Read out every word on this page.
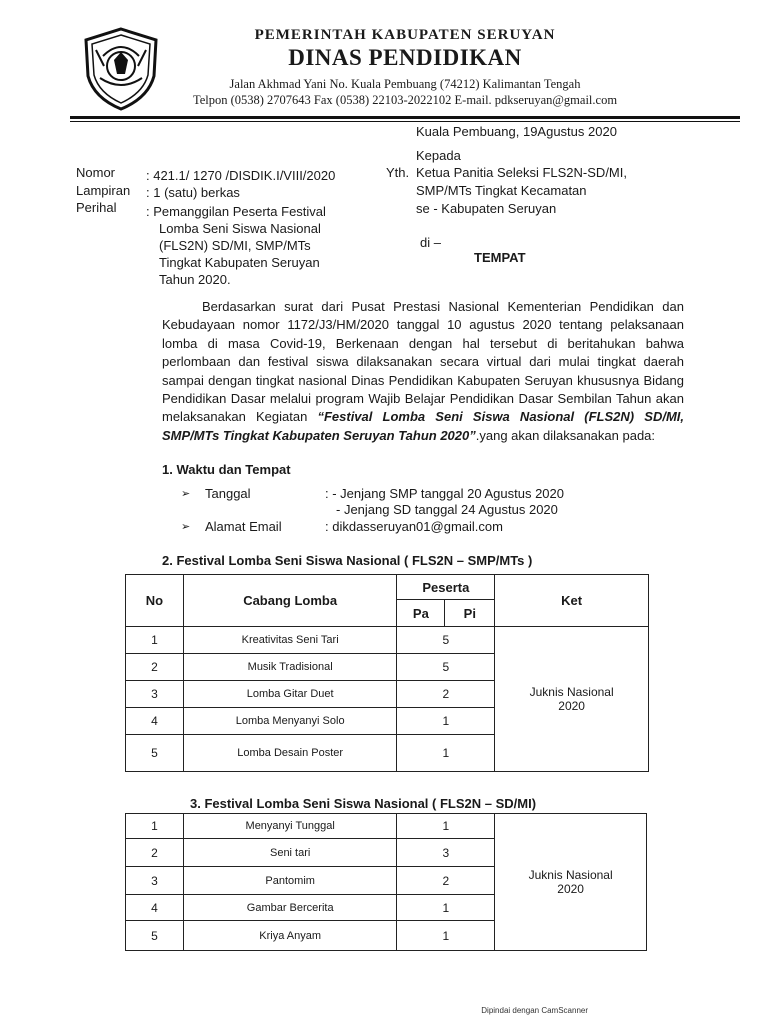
PEMERINTAH KABUPATEN SERUYAN
DINAS PENDIDIKAN
Jalan Akhmad Yani No. Kuala Pembuang (74212) Kalimantan Tengah
Telpon (0538) 2707643 Fax (0538) 22103-2022102 E-mail. pdkseruyan@gmail.com
Kuala Pembuang, 19Agustus 2020
Nomor : 421.1/ 1270 /DISDIK.I/VIII/2020
Lampiran : 1 (satu) berkas
Perihal : Pemanggilan Peserta Festival
Lomba Seni Siswa Nasional
(FLS2N) SD/MI, SMP/MTs
Tingkat Kabupaten Seruyan
Tahun 2020.
Kepada
Yth. Ketua Panitia Seleksi FLS2N-SD/MI,
SMP/MTs Tingkat Kecamatan
se - Kabupaten Seruyan
di –
TEMPAT
Berdasarkan surat dari Pusat Prestasi Nasional Kementerian Pendidikan dan Kebudayaan nomor 1172/J3/HM/2020 tanggal 10 agustus 2020 tentang pelaksanaan lomba di masa Covid-19, Berkenaan dengan hal tersebut di beritahukan bahwa perlombaan dan festival siswa dilaksanakan secara virtual dari mulai tingkat daerah sampai dengan tingkat nasional Dinas Pendidikan Kabupaten Seruyan khususnya Bidang Pendidikan Dasar melalui program Wajib Belajar Pendidikan Dasar Sembilan Tahun akan melaksanakan Kegiatan “Festival Lomba Seni Siswa Nasional (FLS2N) SD/MI, SMP/MTs Tingkat Kabupaten Seruyan Tahun 2020”.yang akan dilaksanakan pada:
1. Waktu dan Tempat
➢ Tanggal	: - Jenjang SMP tanggal 20 Agustus 2020
- Jenjang SD tanggal 24 Agustus 2020
➢ Alamat Email	: dikdasseruyan01@gmail.com
2. Festival Lomba Seni Siswa Nasional ( FLS2N – SMP/MTs )
No	Cabang Lomba	Peserta		Ket
		Pa	Pi	
1	Kreativitas Seni Tari	5		Juknis Nasional
2020

2	Musik Tradisional	5		
3	Lomba Gitar Duet	2		
4	Lomba Menyanyi Solo	1		
5	Lomba Desain Poster	1		
3. Festival Lomba Seni Siswa Nasional ( FLS2N – SD/MI)
1	Menyanyi Tunggal	1	Juknis Nasional
2020

2	Seni tari	3	
3	Pantomim	2	
4	Gambar Bercerita	1	
5	Kriya Anyam	1	
Dipindai dengan CamScanner
